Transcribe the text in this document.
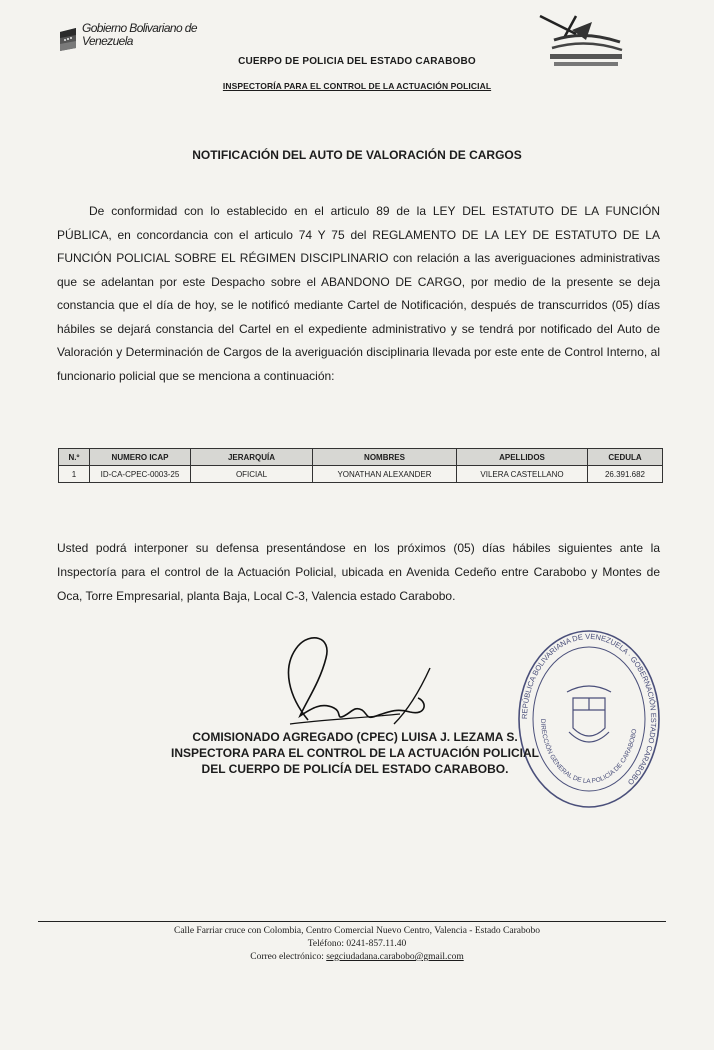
Gobierno Bolivariano de Venezuela
CUERPO DE POLICIA DEL ESTADO CARABOBO
INSPECTORÍA PARA EL CONTROL DE LA ACTUACIÓN POLICIAL
NOTIFICACIÓN DEL AUTO DE VALORACIÓN DE CARGOS
De conformidad con lo establecido en el articulo 89 de la LEY DEL ESTATUTO DE LA FUNCIÓN PÚBLICA, en concordancia con el articulo 74 Y 75 del REGLAMENTO DE LA LEY DE ESTATUTO DE LA FUNCIÓN POLICIAL SOBRE EL RÉGIMEN DISCIPLINARIO con relación a las averiguaciones administrativas que se adelantan por este Despacho sobre el ABANDONO DE CARGO, por medio de la presente se deja constancia que el día de hoy, se le notificó mediante Cartel de Notificación, después de transcurridos (05) días hábiles se dejará constancia del Cartel en el expediente administrativo y se tendrá por notificado del Auto de Valoración y Determinación de Cargos de la averiguación disciplinaria llevada por este ente de Control Interno, al funcionario policial que se menciona a continuación:
N.º	NUMERO ICAP	JERARQUÍA	NOMBRES	APELLIDOS	CEDULA
1	ID-CA-CPEC-0003-25	OFICIAL	YONATHAN ALEXANDER	VILERA CASTELLANO	26.391.682
Usted podrá interponer su defensa presentándose en los próximos (05) días hábiles siguientes ante la Inspectoría para el control de la Actuación Policial, ubicada en Avenida Cedeño entre Carabobo y Montes de Oca, Torre Empresarial, planta Baja, Local C-3, Valencia estado Carabobo.
REPÚBLICA BOLIVARIANA DE VENEZUELA · GOBERNACIÓN ESTADO CARABOBO
DIRECCIÓN GENERAL DE LA POLICÍA DE CARABOBO
COMISIONADO AGREGADO (CPEC) LUISA J. LEZAMA S.
INSPECTORA PARA EL CONTROL DE LA ACTUACIÓN POLICIAL
DEL CUERPO DE POLICÍA DEL ESTADO CARABOBO.
Calle Farriar cruce con Colombia, Centro Comercial Nuevo Centro, Valencia - Estado Carabobo
Teléfono: 0241-857.11.40
Correo electrónico: segciudadana.carabobo@gmail.com
